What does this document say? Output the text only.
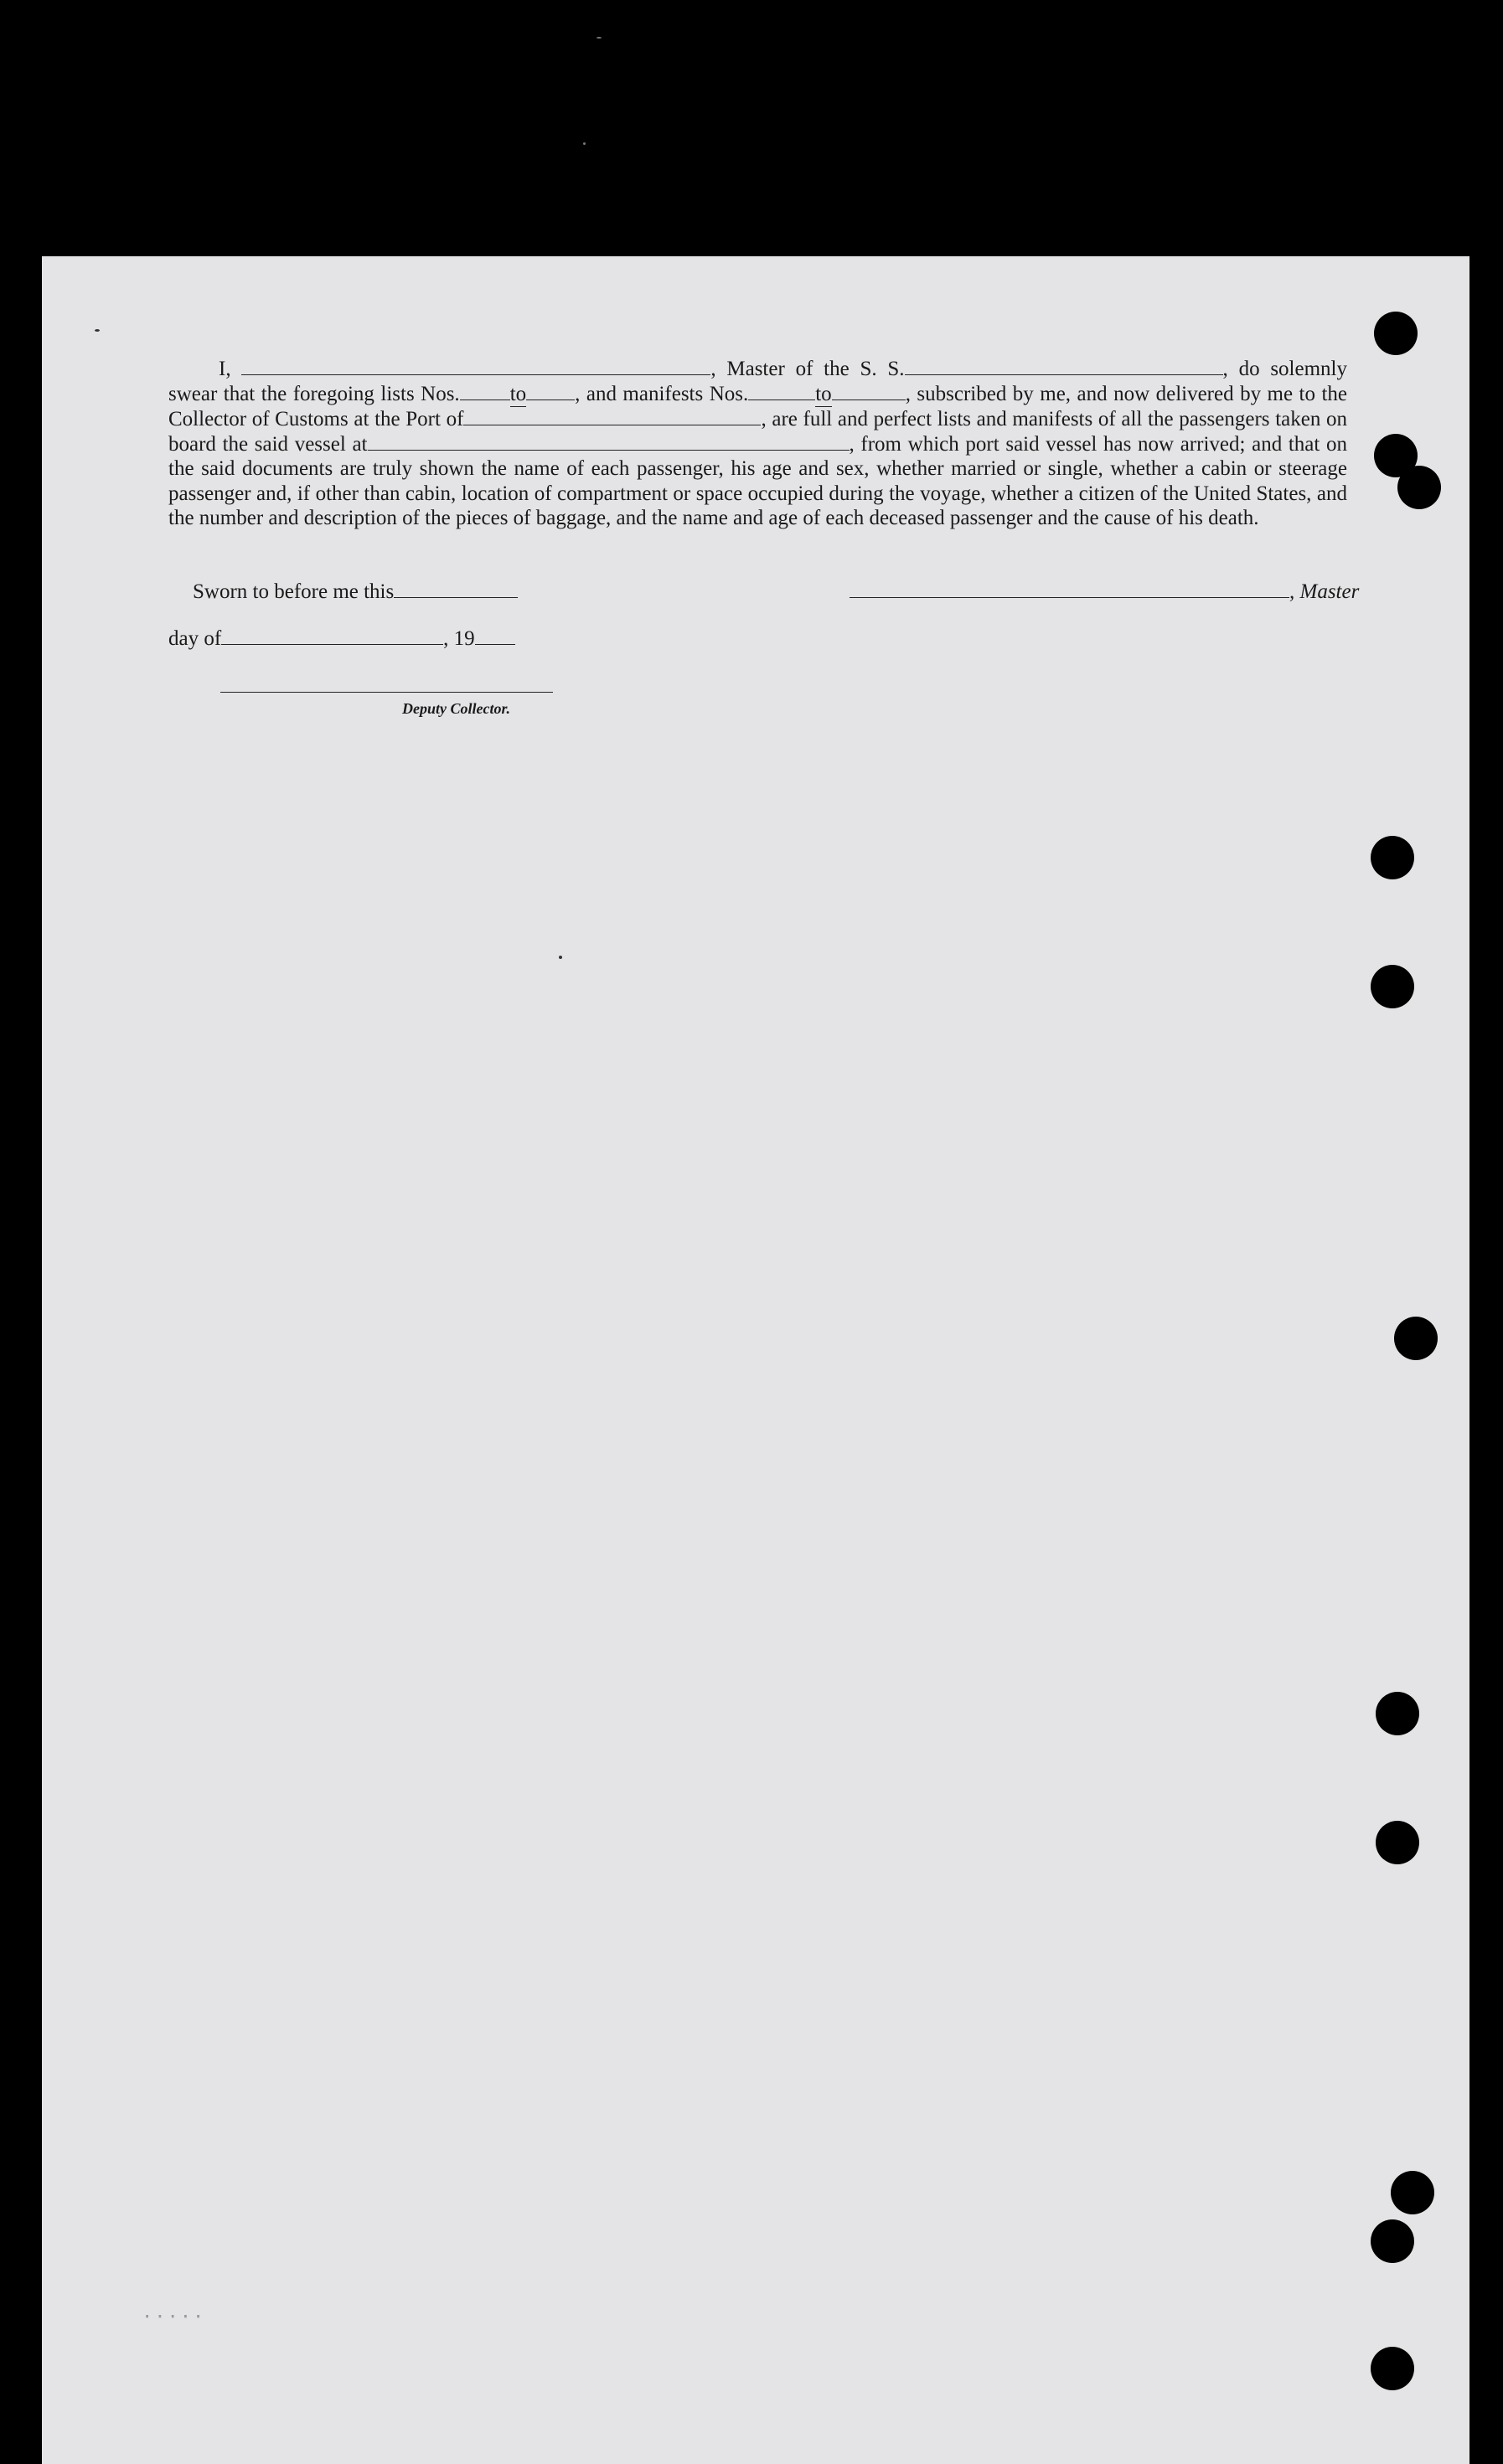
I,	, Master of the S. S.	, do solemnly swear that the foregoing lists Nos. to , and manifests Nos.	to	, subscribed by me, and now delivered by me to the Collector of Customs at the Port of	, are full and perfect lists and manifests of all the passengers taken on board the said vessel at	, from which port said vessel has now arrived; and that on the said documents are truly shown the name of each passenger, his age and sex, whether married or single, whether a cabin or steerage passenger and, if other than cabin, location of compartment or space occupied during the voyage, whether a citizen of the United States, and the number and description of the pieces of baggage, and the name and age of each deceased passenger and the cause of his death.
Sworn to before me this	, Master
day of	, 19
Deputy Collector.
·····
